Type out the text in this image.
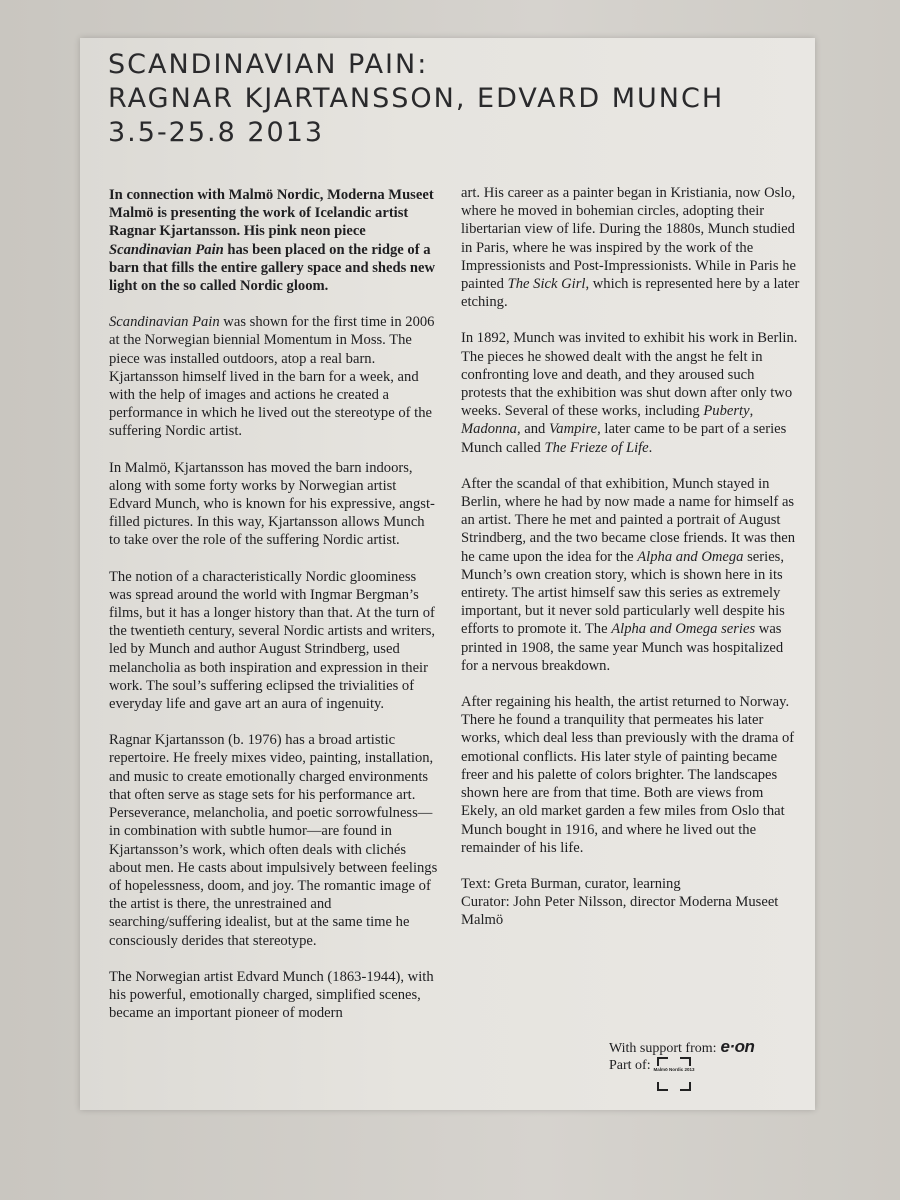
SCANDINAVIAN PAIN:
RAGNAR KJARTANSSON, EDVARD MUNCH
3.5-25.8 2013

In connection with Malmö Nordic, Moderna Museet Malmö is presenting the work of Icelandic artist Ragnar Kjartansson. His pink neon piece Scandinavian Pain has been placed on the ridge of a barn that fills the entire gallery space and sheds new light on the so called Nordic gloom.

Scandinavian Pain was shown for the first time in 2006 at the Norwegian biennial Momentum in Moss. The piece was installed outdoors, atop a real barn. Kjartansson himself lived in the barn for a week, and with the help of images and actions he created a performance in which he lived out the stereotype of the suffering Nordic artist.

In Malmö, Kjartansson has moved the barn indoors, along with some forty works by Norwegian artist Edvard Munch, who is known for his expressive, angst-filled pictures. In this way, Kjartansson allows Munch to take over the role of the suffering Nordic artist.

The notion of a characteristically Nordic gloominess was spread around the world with Ingmar Bergman’s films, but it has a longer history than that. At the turn of the twentieth century, several Nordic artists and writers, led by Munch and author August Strindberg, used melancholia as both inspiration and expression in their work. The soul’s suffering eclipsed the trivialities of everyday life and gave art an aura of ingenuity.

Ragnar Kjartansson (b. 1976) has a broad artistic repertoire. He freely mixes video, painting, installation, and music to create emotionally charged environments that often serve as stage sets for his performance art. Perseverance, melancholia, and poetic sorrowfulness—in combination with subtle humor—are found in Kjartansson’s work, which often deals with clichés about men. He casts about impulsively between feelings of hopelessness, doom, and joy. The romantic image of the artist is there, the unrestrained and searching/suffering idealist, but at the same time he consciously derides that stereotype.

The Norwegian artist Edvard Munch (1863-1944), with his powerful, emotionally charged, simplified scenes, became an important pioneer of modern

art. His career as a painter began in Kristiania, now Oslo, where he moved in bohemian circles, adopting their libertarian view of life. During the 1880s, Munch studied in Paris, where he was inspired by the work of the Impressionists and Post-Impressionists. While in Paris he painted The Sick Girl, which is represented here by a later etching.

In 1892, Munch was invited to exhibit his work in Berlin. The pieces he showed dealt with the angst he felt in confronting love and death, and they aroused such protests that the exhibition was shut down after only two weeks. Several of these works, including Puberty, Madonna, and Vampire, later came to be part of a series Munch called The Frieze of Life.

After the scandal of that exhibition, Munch stayed in Berlin, where he had by now made a name for himself as an artist. There he met and painted a portrait of August Strindberg, and the two became close friends. It was then he came upon the idea for the Alpha and Omega series, Munch’s own creation story, which is shown here in its entirety. The artist himself saw this series as extremely important, but it never sold particularly well despite his efforts to promote it. The Alpha and Omega series was printed in 1908, the same year Munch was hospitalized for a nervous breakdown.

After regaining his health, the artist returned to Norway. There he found a tranquility that permeates his later works, which deal less than previously with the drama of emotional conflicts. His later style of painting became freer and his palette of colors brighter. The landscapes shown here are from that time. Both are views from Ekely, an old market garden a few miles from Oslo that Munch bought in 1916, and where he lived out the remainder of his life.

Text: Greta Burman, curator, learning
Curator: John Peter Nilsson, director Moderna Museet Malmö

With support from: e·on
Part of: Malmö Nordic 2013
